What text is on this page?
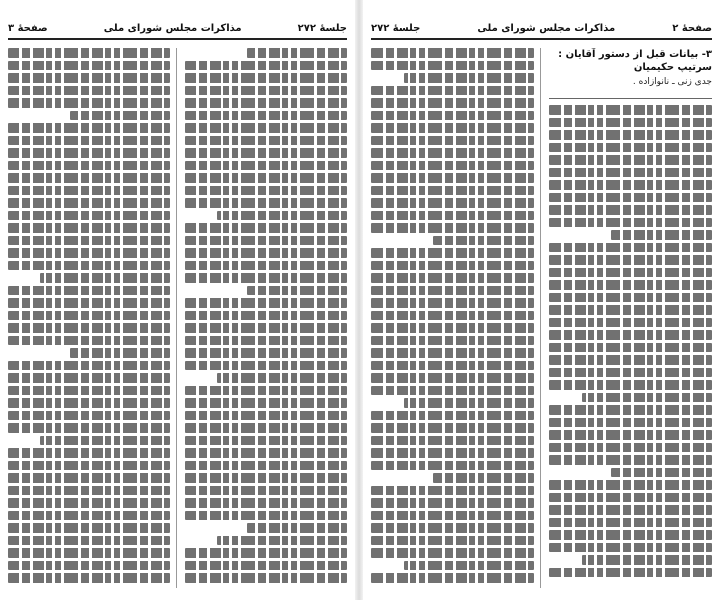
جلسهٔ ۲۷۲
مذاکرات مجلس شورای ملی
صفحهٔ ۳	صفحهٔ ۲
مذاکرات مجلس شورای ملی
جلسهٔ ۲۷۲
۳- بیانات قبل از دستور آقایان : سرتیپ حکیمیان
جدی زنی ـ نانوازاده .
